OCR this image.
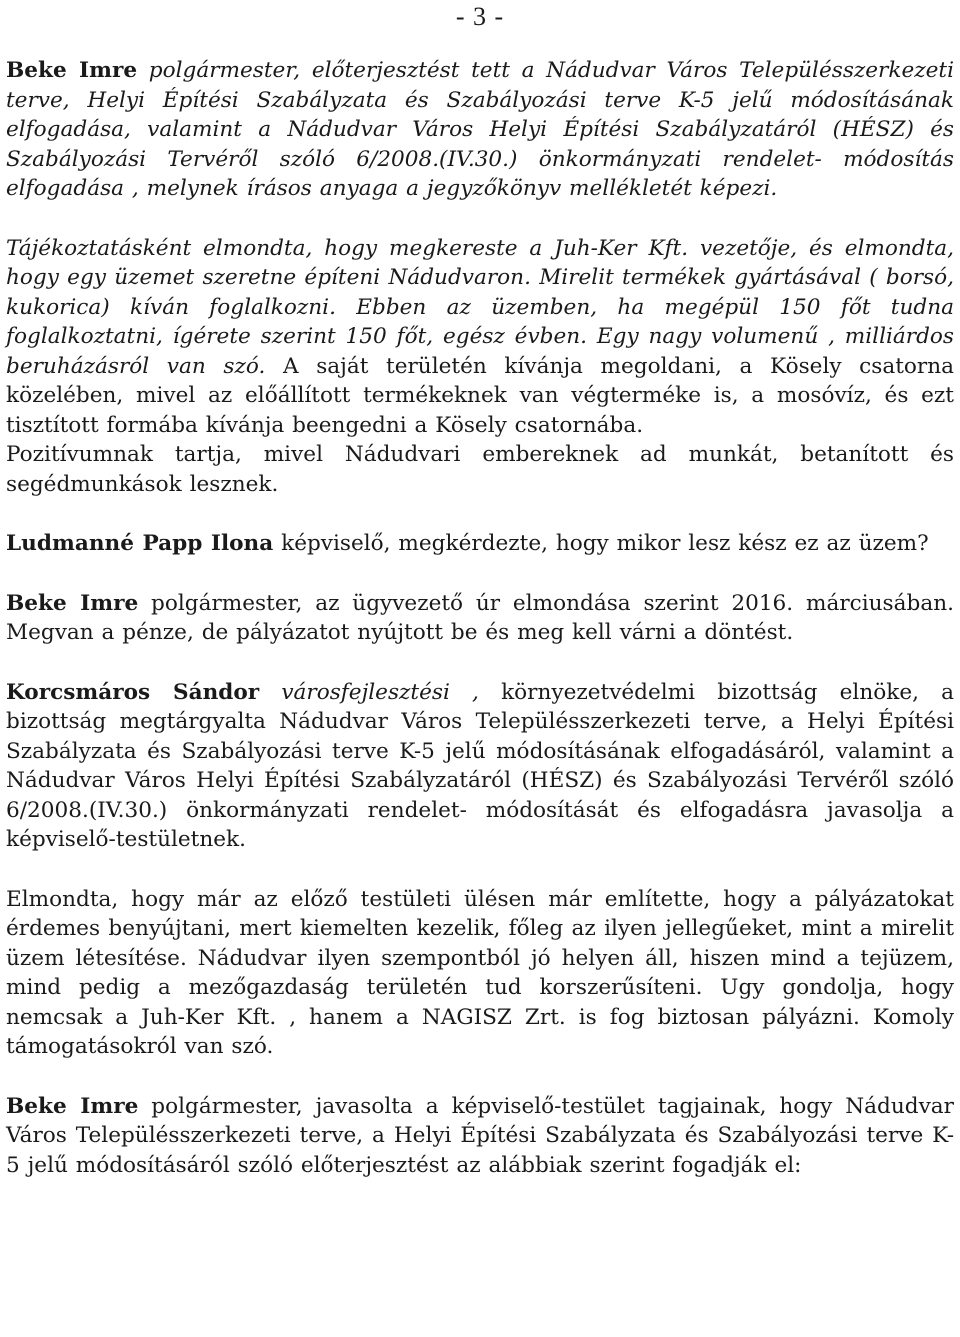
- 3 -

Beke Imre polgármester, előterjesztést tett a Nádudvar Város Településszerkezeti terve, Helyi Építési Szabályzata és Szabályozási terve K-5 jelű módosításának elfogadása, valamint a Nádudvar Város Helyi Építési Szabályzatáról (HÉSZ) és Szabályozási Tervéről szóló 6/2008.(IV.30.) önkormányzati rendelet- módosítás elfogadása , melynek írásos anyaga a jegyzőkönyv mellékletét képezi.

Tájékoztatásként elmondta, hogy megkereste a Juh-Ker Kft. vezetője, és elmondta, hogy egy üzemet szeretne építeni Nádudvaron. Mirelit termékek gyártásával ( borsó, kukorica) kíván foglalkozni. Ebben az üzemben, ha megépül 150 főt tudna foglalkoztatni, ígérete szerint 150 főt, egész évben. Egy nagy volumenű , milliárdos beruházásról van szó. A saját területén kívánja megoldani, a Kösely csatorna közelében, mivel az előállított termékeknek van végterméke is, a mosóvíz, és ezt tisztított formába kívánja beengedni a Kösely csatornába.

Pozitívumnak tartja, mivel Nádudvari embereknek ad munkát, betanított és segédmunkások lesznek.

Ludmanné Papp Ilona képviselő, megkérdezte, hogy mikor lesz kész ez az üzem?

Beke Imre polgármester, az ügyvezető úr elmondása szerint 2016. márciusában. Megvan a pénze, de pályázatot nyújtott be és meg kell várni a döntést.

Korcsmáros Sándor városfejlesztési , környezetvédelmi bizottság elnöke, a bizottság megtárgyalta Nádudvar Város Településszerkezeti terve, a Helyi Építési Szabályzata és Szabályozási terve K-5 jelű módosításának elfogadásáról, valamint a Nádudvar Város Helyi Építési Szabályzatáról (HÉSZ) és Szabályozási Tervéről szóló 6/2008.(IV.30.) önkormányzati rendelet- módosítását és elfogadásra javasolja a képviselő-testületnek.

Elmondta, hogy már az előző testületi ülésen már említette, hogy a pályázatokat érdemes benyújtani, mert kiemelten kezelik, főleg az ilyen jellegűeket, mint a mirelit üzem létesítése. Nádudvar ilyen szempontból jó helyen áll, hiszen mind a tejüzem, mind pedig a mezőgazdaság területén tud korszerűsíteni. Ugy gondolja, hogy nemcsak a Juh-Ker Kft. , hanem a NAGISZ Zrt. is fog biztosan pályázni. Komoly támogatásokról van szó.

Beke Imre polgármester, javasolta a képviselő-testület tagjainak, hogy Nádudvar Város Településszerkezeti terve, a Helyi Építési Szabályzata és Szabályozási terve K-5 jelű módosításáról szóló előterjesztést az alábbiak szerint fogadják el:
